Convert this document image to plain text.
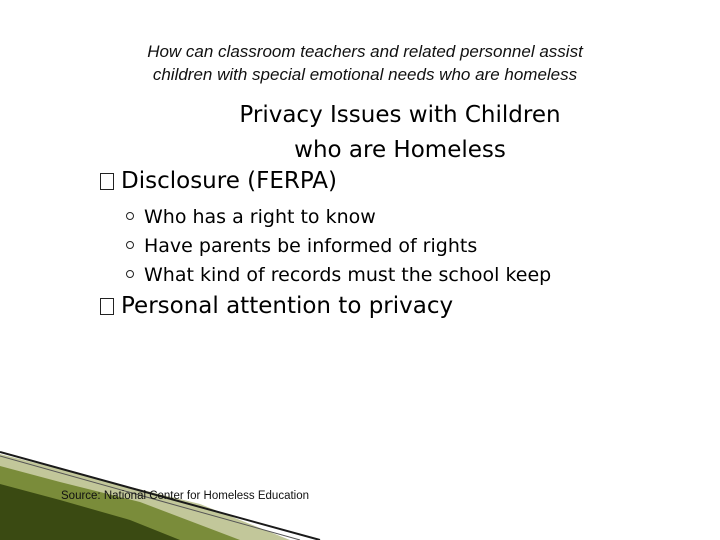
How can classroom teachers and related personnel assist
children with special emotional needs who are homeless
Privacy Issues with Children
who are Homeless
Disclosure (FERPA)
Who has a right to know
Have parents be informed of rights
What kind of records must the school keep
Personal attention to privacy
Source: National Center for Homeless Education
